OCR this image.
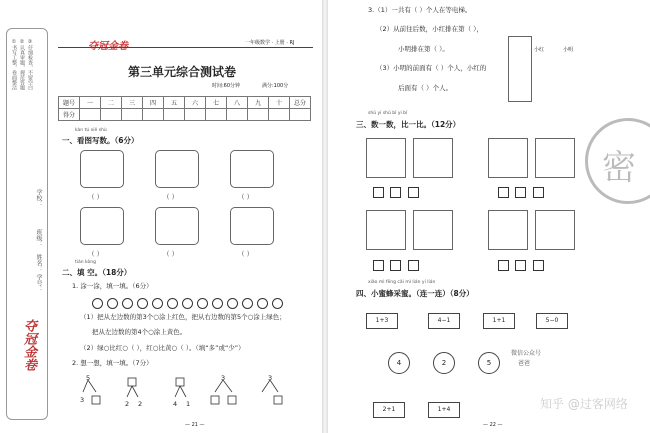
一年级数学 · 上册 · RJ
①书写工整，卷面整洁 ②认真审题，规范答题 ③仔细检查，不留空白
学校：
班级：
姓名：
学号：
夺冠金卷
第三单元综合测试卷
时间:60分钟	满分:100分
题号	一	二	三	四	五	六	七	八	九	十	总分
得分											
kàn tú xiě shù
一、看图写数。（6分）
（ ）	（ ）	（ ）
（ ）	（ ）	（ ）
tián kòng
二、填 空。（18分）
1. 涂一涂，填一填。（6分）
（1）把从左边数的第3个○涂上红色，把从右边数的第5个○涂上绿色；
把从左边数的第4个○涂上黄色。
（2）绿○比红○（ ），红○比黄○（ ）。（填“多”或“少”）
2. 想一想，填一填。（7分）
5
3	2 2	4 1
3	3
— 21 —
3.（1）一共有（ ）个人在等电梯。
（2）从前往后数，小红排在第（ ），
小明排在第（ ）。
（3）小明的前面有（ ）个人，小红的
后面有（ ）个人。
小红	小明
shǔ yi shǔ bǐ yi bǐ
三、数一数，比一比。（12分）
xiǎo mì fēng cǎi mì lián yi lián
四、小蜜蜂采蜜。（连一连）（8分）
1+3	4−1	1+1	5−0
4	2	5
微信公众号
爸爸
2+1	1+4
— 22 —
密
知乎 @过客网络
